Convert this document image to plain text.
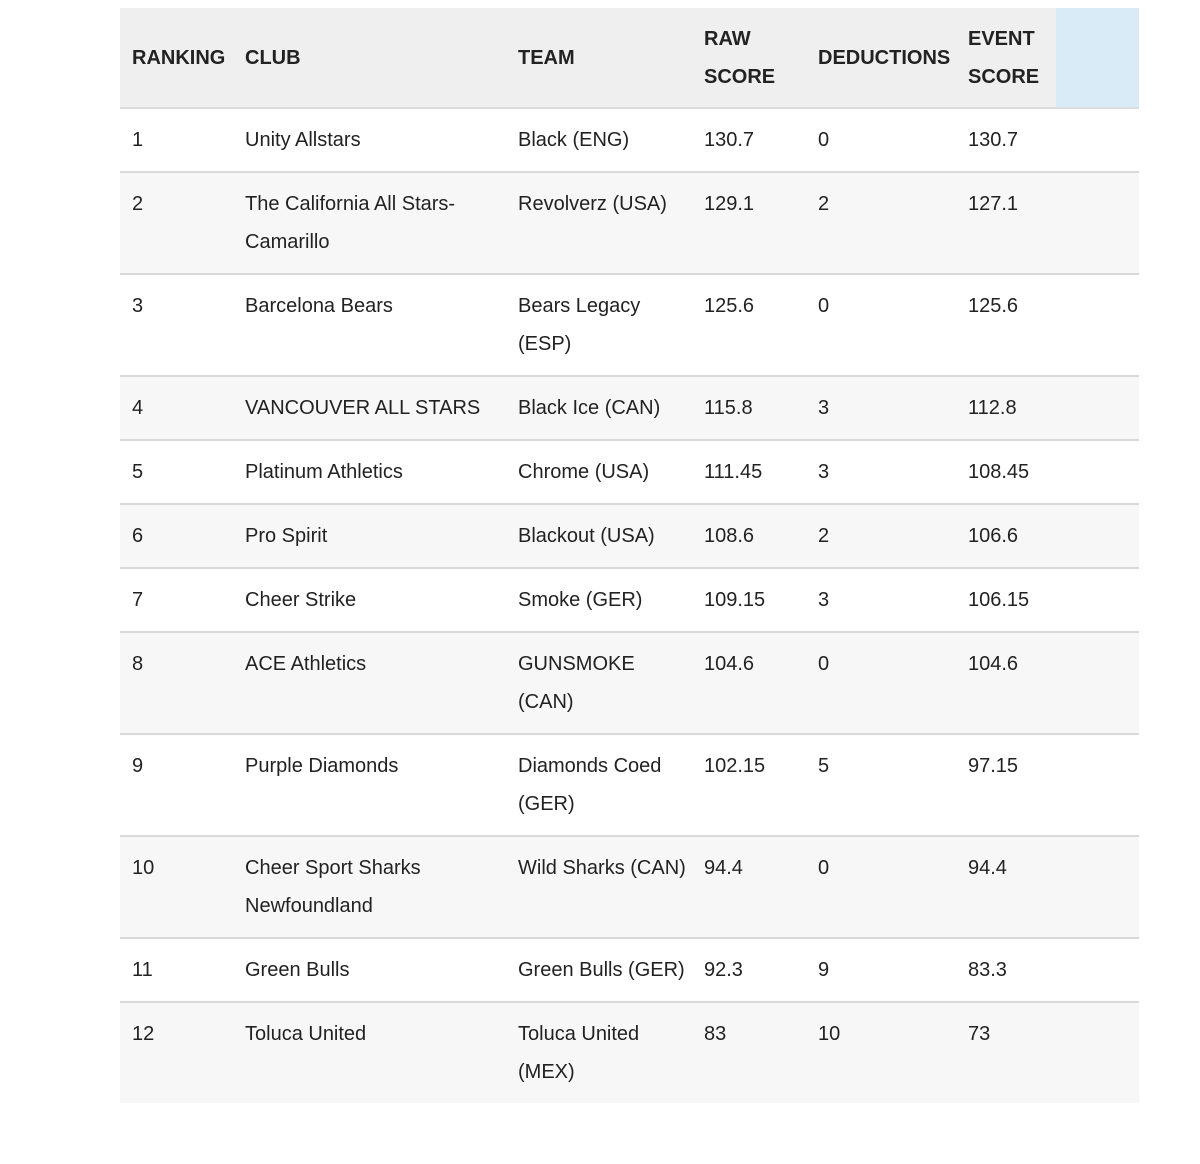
RANKING	CLUB	TEAM	RAW SCORE	DEDUCTIONS	EVENT SCORE	
1	Unity Allstars	Black (ENG)	130.7	0	130.7	
2	The California All Stars-Camarillo	Revolverz (USA)	129.1	2	127.1	
3	Barcelona Bears	Bears Legacy (ESP)	125.6	0	125.6	
4	VANCOUVER ALL STARS	Black Ice (CAN)	115.8	3	112.8	
5	Platinum Athletics	Chrome (USA)	111.45	3	108.45	
6	Pro Spirit	Blackout (USA)	108.6	2	106.6	
7	Cheer Strike	Smoke (GER)	109.15	3	106.15	
8	ACE Athletics	GUNSMOKE (CAN)	104.6	0	104.6	
9	Purple Diamonds	Diamonds Coed (GER)	102.15	5	97.15	
10	Cheer Sport Sharks Newfoundland	Wild Sharks (CAN)	94.4	0	94.4	
11	Green Bulls	Green Bulls (GER)	92.3	9	83.3	
12	Toluca United	Toluca United (MEX)	83	10	73	
